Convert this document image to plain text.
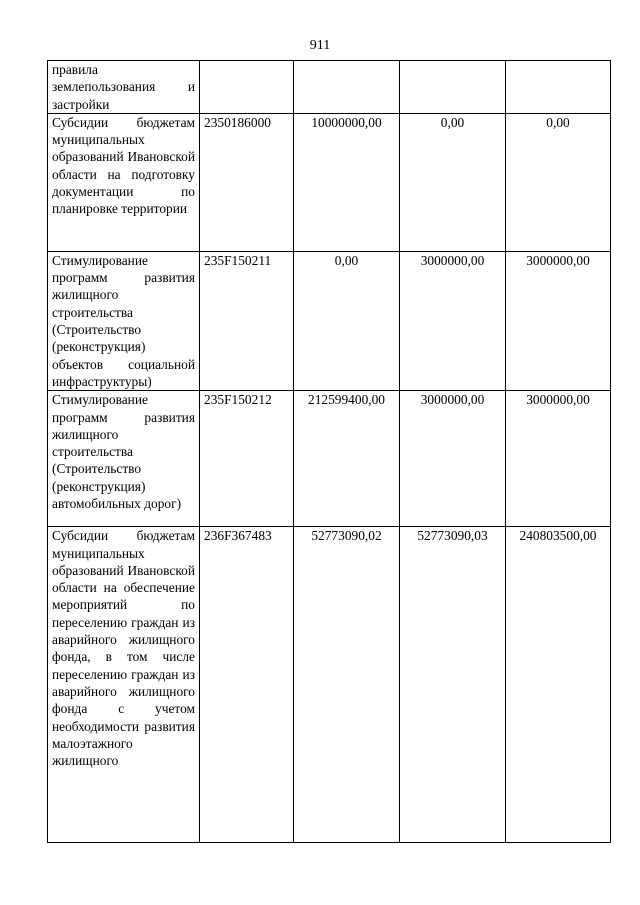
911
правила землепользования и застройки				
Субсидии бюджетам муниципальных образований Ивановской области на подготовку документации по планировке территории	2350186000	10000000,00	0,00	0,00
Стимулирование программ развития жилищного строительства (Строительство (реконструкция) объектов социальной инфраструктуры)	235F150211	0,00	3000000,00	3000000,00
Стимулирование программ развития жилищного строительства (Строительство (реконструкция) автомобильных дорог)	235F150212	212599400,00	3000000,00	3000000,00
Субсидии бюджетам муниципальных образований Ивановской области на обеспечение мероприятий по переселению граждан из аварийного жилищного фонда, в том числе переселению граждан из аварийного жилищного фонда с учетом необходимости развития малоэтажного жилищного	236F367483	52773090,02	52773090,03	240803500,00
